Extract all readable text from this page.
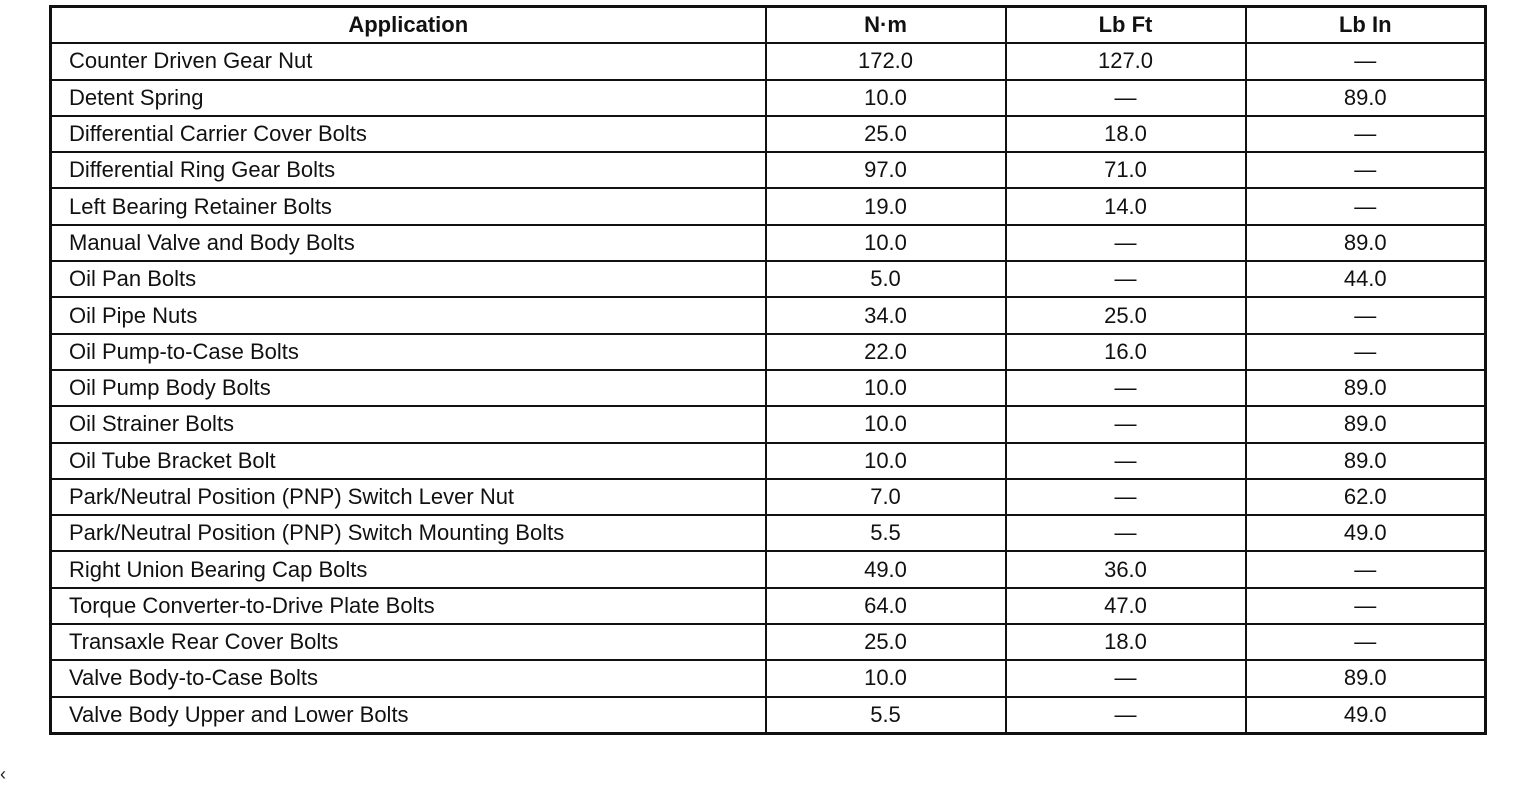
Application	N·m	Lb Ft	Lb In
Counter Driven Gear Nut	172.0	127.0	—
Detent Spring	10.0	—	89.0
Differential Carrier Cover Bolts	25.0	18.0	—
Differential Ring Gear Bolts	97.0	71.0	—
Left Bearing Retainer Bolts	19.0	14.0	—
Manual Valve and Body Bolts	10.0	—	89.0
Oil Pan Bolts	5.0	—	44.0
Oil Pipe Nuts	34.0	25.0	—
Oil Pump-to-Case Bolts	22.0	16.0	—
Oil Pump Body Bolts	10.0	—	89.0
Oil Strainer Bolts	10.0	—	89.0
Oil Tube Bracket Bolt	10.0	—	89.0
Park/Neutral Position (PNP) Switch Lever Nut	7.0	—	62.0
Park/Neutral Position (PNP) Switch Mounting Bolts	5.5	—	49.0
Right Union Bearing Cap Bolts	49.0	36.0	—
Torque Converter-to-Drive Plate Bolts	64.0	47.0	—
Transaxle Rear Cover Bolts	25.0	18.0	—
Valve Body-to-Case Bolts	10.0	—	89.0
Valve Body Upper and Lower Bolts	5.5	—	49.0
‹
